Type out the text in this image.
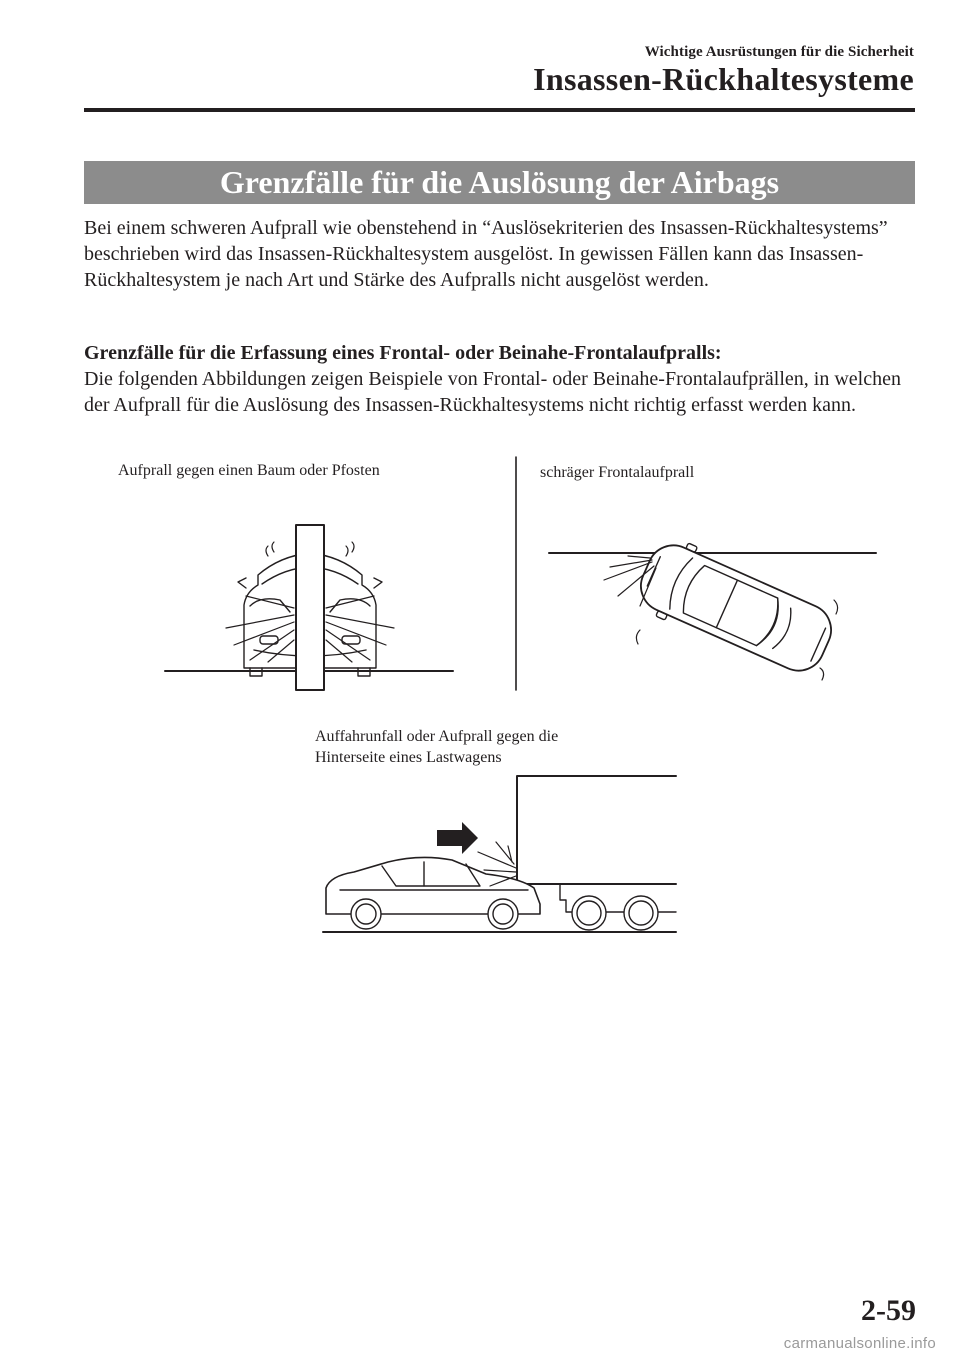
Wichtige Ausrüstungen für die Sicherheit
Insassen-Rückhaltesysteme
Grenzfälle für die Auslösung der Airbags
Bei einem schweren Aufprall wie obenstehend in “Auslösekriterien des Insassen-Rückhaltesystems” beschrieben wird das Insassen-Rückhaltesystem ausgelöst. In gewissen Fällen kann das Insassen-Rückhaltesystem je nach Art und Stärke des Aufpralls nicht ausgelöst werden.
Grenzfälle für die Erfassung eines Frontal- oder Beinahe-Frontalaufpralls:
Die folgenden Abbildungen zeigen Beispiele von Frontal- oder Beinahe-Frontalaufprällen, in welchen der Aufprall für die Auslösung des Insassen-Rückhaltesystems nicht richtig erfasst werden kann.
Aufprall gegen einen Baum oder Pfosten	schräger Frontalaufprall
Auffahrunfall oder Aufprall gegen die
Hinterseite eines Lastwagens
2-59
carmanualsonline.info
